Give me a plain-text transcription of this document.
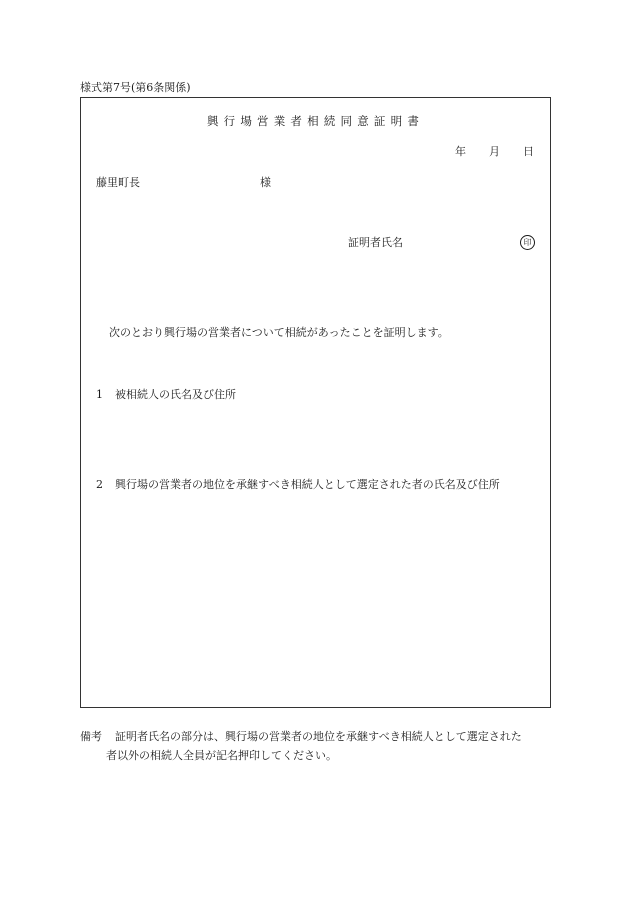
様式第7号(第6条関係)
興行場営業者相続同意証明書
年 月 日
藤里町長	様
証明者氏名	印
次のとおり興行場の営業者について相続があったことを証明します。
1 被相続人の氏名及び住所
2 興行場の営業者の地位を承継すべき相続人として選定された者の氏名及び住所
備考 証明者氏名の部分は、興行場の営業者の地位を承継すべき相続人として選定された
者以外の相続人全員が記名押印してください。
